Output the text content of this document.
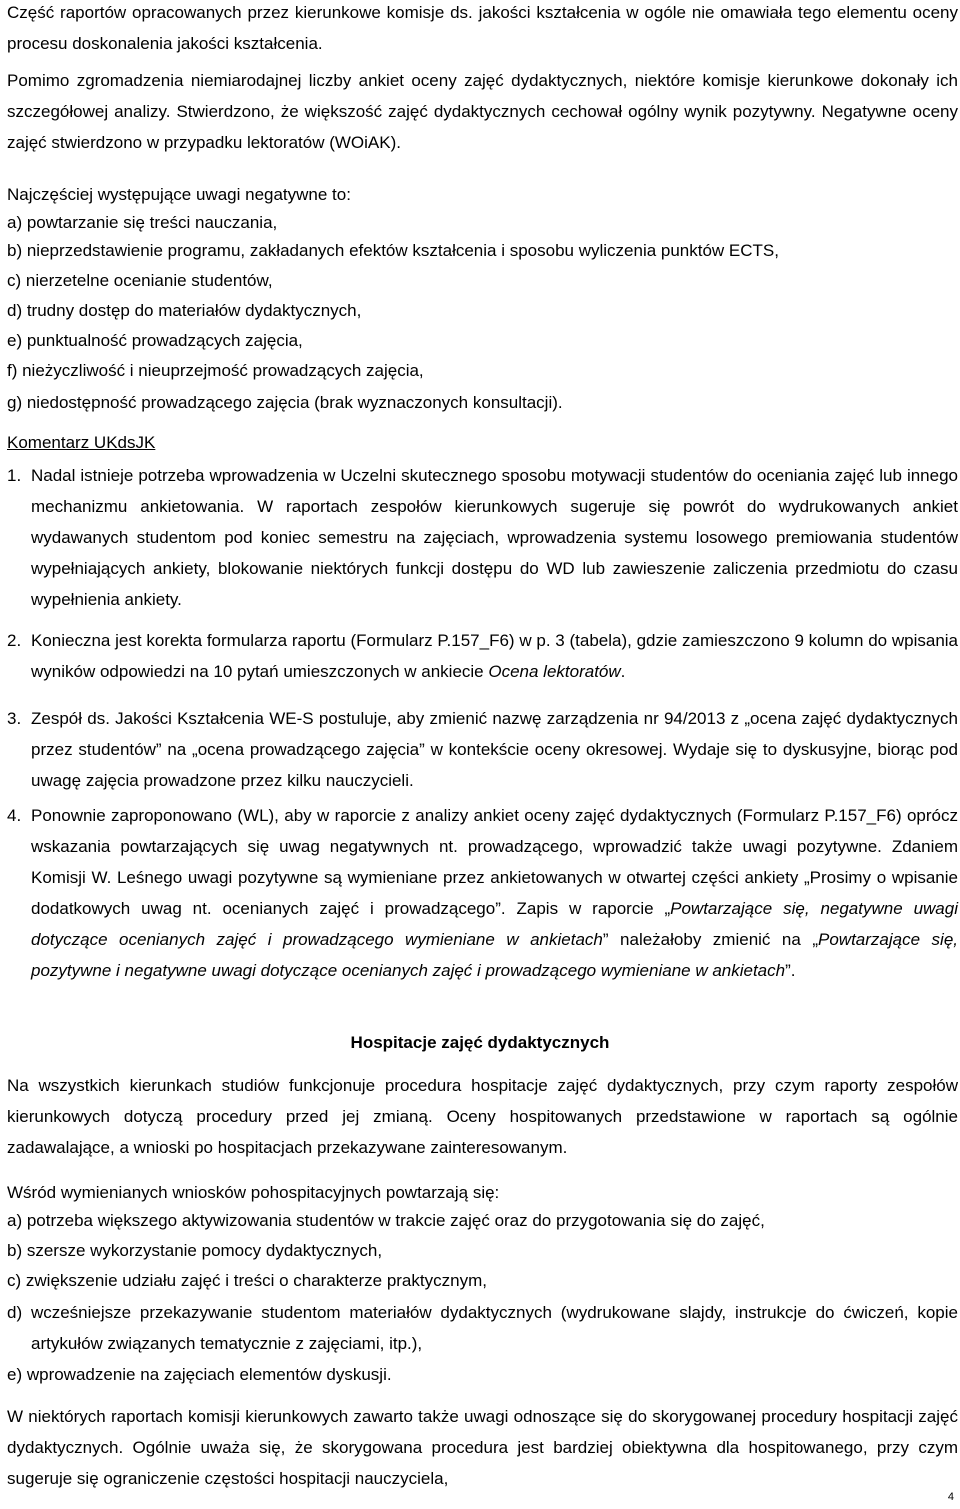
Część raportów opracowanych przez kierunkowe komisje ds. jakości kształcenia w ogóle nie omawiała tego elementu oceny procesu doskonalenia jakości kształcenia.

Pomimo zgromadzenia niemiarodajnej liczby ankiet oceny zajęć dydaktycznych, niektóre komisje kierunkowe dokonały ich szczegółowej analizy. Stwierdzono, że większość zajęć dydaktycznych cechował ogólny wynik pozytywny. Negatywne oceny zajęć stwierdzono w przypadku lektoratów (WOiAK).

Najczęściej występujące uwagi negatywne to:

a) powtarzanie się treści nauczania,

b) nieprzedstawienie programu, zakładanych efektów kształcenia i sposobu wyliczenia punktów ECTS,

c) nierzetelne ocenianie studentów,

d) trudny dostęp do materiałów dydaktycznych,

e) punktualność prowadzących zajęcia,

f) nieżyczliwość i nieuprzejmość prowadzących zajęcia,

g) niedostępność prowadzącego zajęcia (brak wyznaczonych konsultacji).

Komentarz UKdsJK

1. Nadal istnieje potrzeba wprowadzenia w Uczelni skutecznego sposobu motywacji studentów do oceniania zajęć lub innego mechanizmu ankietowania. W raportach zespołów kierunkowych sugeruje się powrót do wydrukowanych ankiet wydawanych studentom pod koniec semestru na zajęciach, wprowadzenia systemu losowego premiowania studentów wypełniających ankiety, blokowanie niektórych funkcji dostępu do WD lub zawieszenie zaliczenia przedmiotu do czasu wypełnienia ankiety.

2. Konieczna jest korekta formularza raportu (Formularz P.157_F6) w p. 3 (tabela), gdzie zamieszczono 9 kolumn do wpisania wyników odpowiedzi na 10 pytań umieszczonych w ankiecie Ocena lektoratów.

3. Zespół ds. Jakości Kształcenia WE-S postuluje, aby zmienić nazwę zarządzenia nr 94/2013 z „ocena zajęć dydaktycznych przez studentów” na „ocena prowadzącego zajęcia” w kontekście oceny okresowej. Wydaje się to dyskusyjne, biorąc pod uwagę zajęcia prowadzone przez kilku nauczycieli.

4. Ponownie zaproponowano (WL), aby w raporcie z analizy ankiet oceny zajęć dydaktycznych (Formularz P.157_F6) oprócz wskazania powtarzających się uwag negatywnych nt. prowadzącego, wprowadzić także uwagi pozytywne. Zdaniem Komisji W. Leśnego uwagi pozytywne są wymieniane przez ankietowanych w otwartej części ankiety „Prosimy o wpisanie dodatkowych uwag nt. ocenianych zajęć i prowadzącego”. Zapis w raporcie „Powtarzające się, negatywne uwagi dotyczące ocenianych zajęć i prowadzącego wymieniane w ankietach” należałoby zmienić na „Powtarzające się, pozytywne i negatywne uwagi dotyczące ocenianych zajęć i prowadzącego wymieniane w ankietach”.

Hospitacje zajęć dydaktycznych

Na wszystkich kierunkach studiów funkcjonuje procedura hospitacje zajęć dydaktycznych, przy czym raporty zespołów kierunkowych dotyczą procedury przed jej zmianą. Oceny hospitowanych przedstawione w raportach są ogólnie zadawalające, a wnioski po hospitacjach przekazywane zainteresowanym.

Wśród wymienianych wniosków pohospitacyjnych powtarzają się:

a) potrzeba większego aktywizowania studentów w trakcie zajęć oraz do przygotowania się do zajęć,

b) szersze wykorzystanie pomocy dydaktycznych,

c) zwiększenie udziału zajęć i treści o charakterze praktycznym,

d) wcześniejsze przekazywanie studentom materiałów dydaktycznych (wydrukowane slajdy, instrukcje do ćwiczeń, kopie artykułów związanych tematycznie z zajęciami, itp.),

e) wprowadzenie na zajęciach elementów dyskusji.

W niektórych raportach komisji kierunkowych zawarto także uwagi odnoszące się do skorygowanej procedury hospitacji zajęć dydaktycznych. Ogólnie uważa się, że skorygowana procedura jest bardziej obiektywna dla hospitowanego, przy czym sugeruje się ograniczenie częstości hospitacji nauczyciela,

4
